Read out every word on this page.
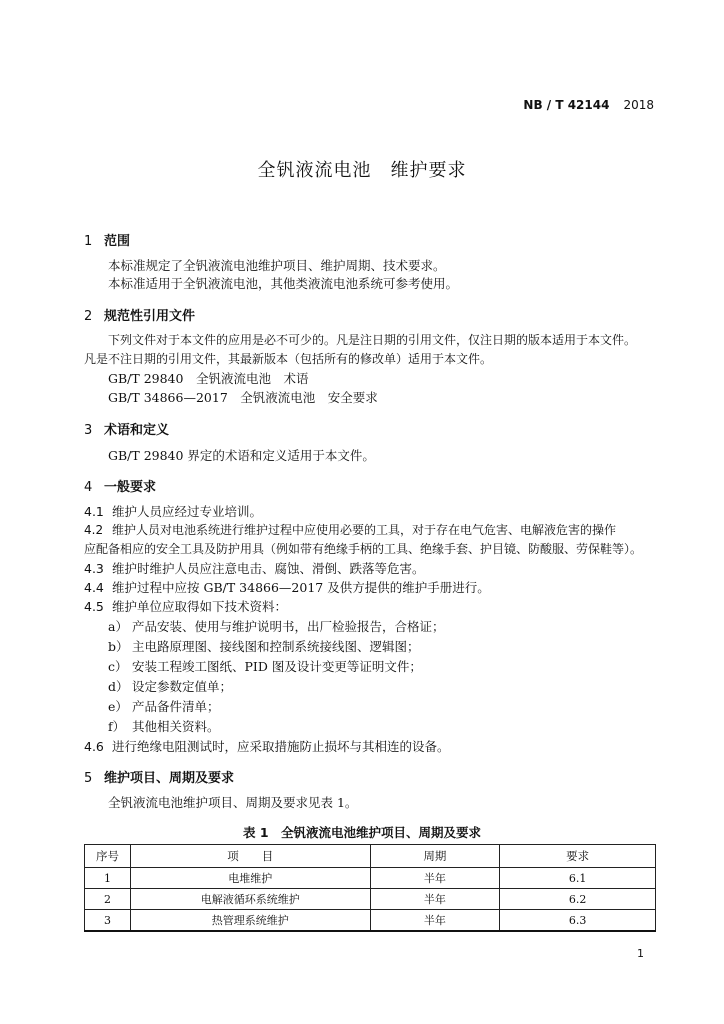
NB / T 42144 2018
全钒液流电池　维护要求
1 范围
本标准规定了全钒液流电池维护项目、维护周期、技术要求。
本标准适用于全钒液流电池，其他类液流电池系统可参考使用。
2 规范性引用文件
下列文件对于本文件的应用是必不可少的。凡是注日期的引用文件，仅注日期的版本适用于本文件。
凡是不注日期的引用文件，其最新版本（包括所有的修改单）适用于本文件。
GB/T 29840　全钒液流电池　术语
GB/T 34866—2017　全钒液流电池　安全要求
3 术语和定义
GB/T 29840 界定的术语和定义适用于本文件。
4 一般要求
4.1 维护人员应经过专业培训。
4.2 维护人员对电池系统进行维护过程中应使用必要的工具，对于存在电气危害、电解液危害的操作
应配备相应的安全工具及防护用具（例如带有绝缘手柄的工具、绝缘手套、护目镜、防酸服、劳保鞋等）。
4.3 维护时维护人员应注意电击、腐蚀、滑倒、跌落等危害。
4.4 维护过程中应按 GB/T 34866—2017 及供方提供的维护手册进行。
4.5 维护单位应取得如下技术资料：
a） 产品安装、使用与维护说明书，出厂检验报告，合格证；
b） 主电路原理图、接线图和控制系统接线图、逻辑图；
c） 安装工程竣工图纸、PID 图及设计变更等证明文件；
d） 设定参数定值单；
e） 产品备件清单；
f） 其他相关资料。
4.6 进行绝缘电阻测试时，应采取措施防止损坏与其相连的设备。
5 维护项目、周期及要求
全钒液流电池维护项目、周期及要求见表 1。
表 1　全钒液流电池维护项目、周期及要求
序号	项　　目	周期	要求
1	电堆维护	半年	6.1
2	电解液循环系统维护	半年	6.2
3	热管理系统维护	半年	6.3
1
